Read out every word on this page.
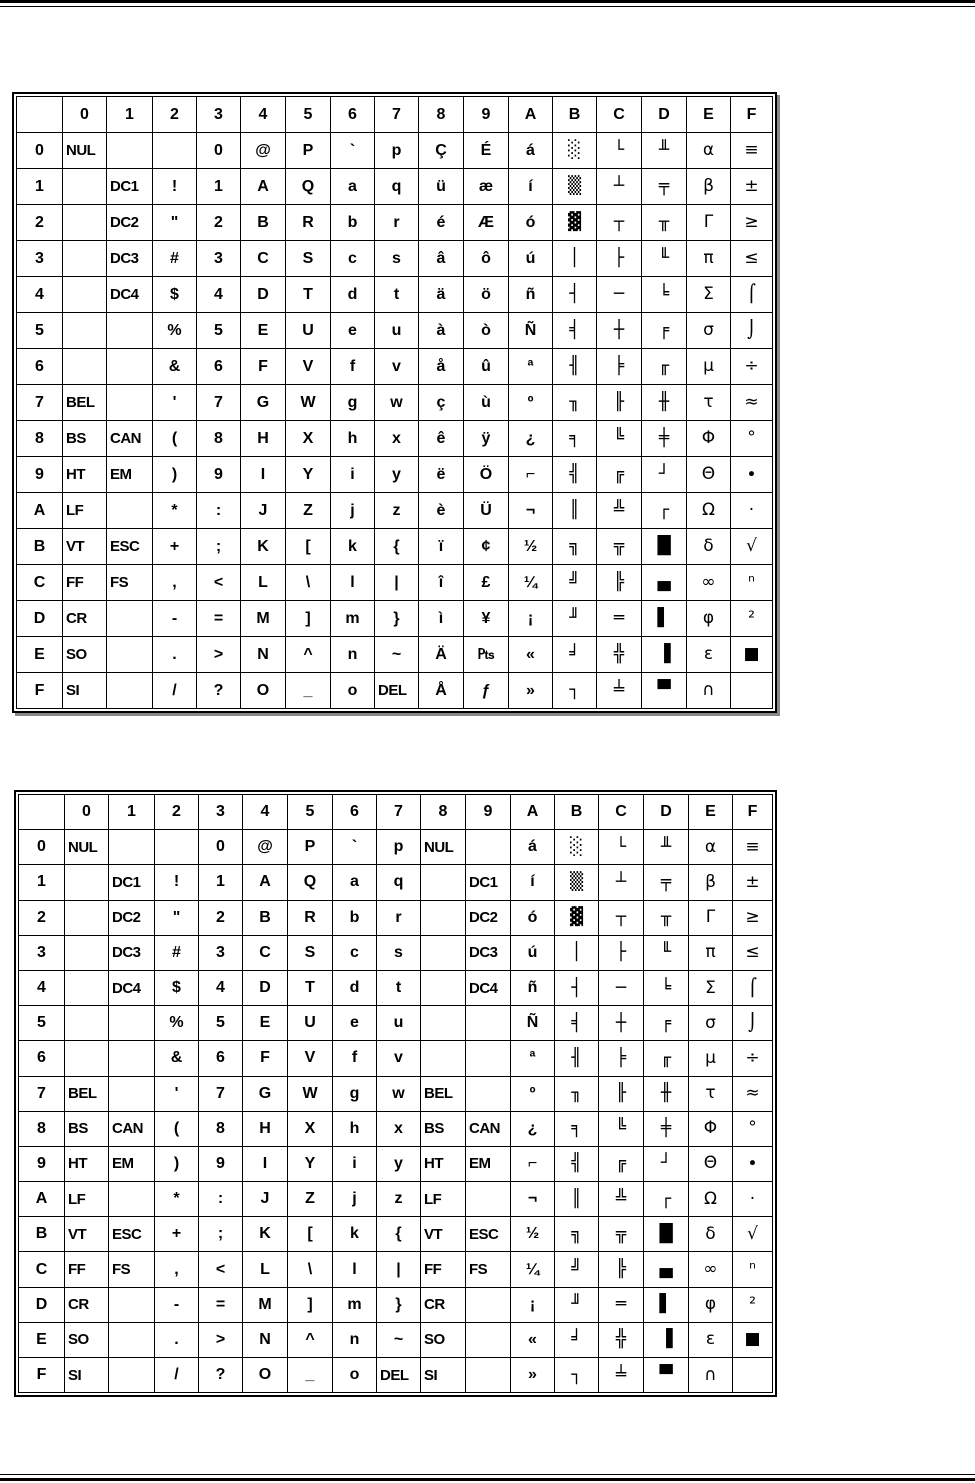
	0	1	2	3	4	5	6	7	8	9	A	B	C	D	E	F
0	NUL			0	@	P	`	p	Ç	É	á	░	└	╨	α	≡
1		DC1	!	1	A	Q	a	q	ü	æ	í	▒	┴	╤	β	±
2		DC2	"	2	B	R	b	r	é	Æ	ó	▓	┬	╥	Γ	≥
3		DC3	#	3	C	S	c	s	â	ô	ú	│	├	╙	π	≤
4		DC4	$	4	D	T	d	t	ä	ö	ñ	┤	─	╘	Σ	⌠
5			%	5	E	U	e	u	à	ò	Ñ	╡	┼	╒	σ	⌡
6			&	6	F	V	f	v	å	û	ª	╢	╞	╓	µ	÷
7	BEL		'	7	G	W	g	w	ç	ù	º	╖	╟	╫	τ	≈
8	BS	CAN	(	8	H	X	h	x	ê	ÿ	¿	╕	╚	╪	Φ	°
9	HT	EM	)	9	I	Y	i	y	ë	Ö	⌐	╣	╔	┘	Θ	∙
A	LF		*	:	J	Z	j	z	è	Ü	¬	║	╩	┌	Ω	·
B	VT	ESC	+	;	K	[	k	{	ï	¢	½	╗	╦	█	δ	√
C	FF	FS	,	<	L	\	l	|	î	£	¼	╝	╠	▄	∞	ⁿ
D	CR		-	=	M	]	m	}	ì	¥	¡	╜	═	▌	φ	²
E	SO		.	>	N	^	n	~	Ä	₧	«	╛	╬	▐	ε	■
F	SI		/	?	O	_	o	DEL	Å	ƒ	»	┐	╧	▀	∩	
	0	1	2	3	4	5	6	7	8	9	A	B	C	D	E	F
0	NUL			0	@	P	`	p	NUL		á	░	└	╨	α	≡
1		DC1	!	1	A	Q	a	q		DC1	í	▒	┴	╤	β	±
2		DC2	"	2	B	R	b	r		DC2	ó	▓	┬	╥	Γ	≥
3		DC3	#	3	C	S	c	s		DC3	ú	│	├	╙	π	≤
4		DC4	$	4	D	T	d	t		DC4	ñ	┤	─	╘	Σ	⌠
5			%	5	E	U	e	u			Ñ	╡	┼	╒	σ	⌡
6			&	6	F	V	f	v			ª	╢	╞	╓	µ	÷
7	BEL		'	7	G	W	g	w	BEL		º	╖	╟	╫	τ	≈
8	BS	CAN	(	8	H	X	h	x	BS	CAN	¿	╕	╚	╪	Φ	°
9	HT	EM	)	9	I	Y	i	y	HT	EM	⌐	╣	╔	┘	Θ	∙
A	LF		*	:	J	Z	j	z	LF		¬	║	╩	┌	Ω	·
B	VT	ESC	+	;	K	[	k	{	VT	ESC	½	╗	╦	█	δ	√
C	FF	FS	,	<	L	\	l	|	FF	FS	¼	╝	╠	▄	∞	ⁿ
D	CR		-	=	M	]	m	}	CR		¡	╜	═	▌	φ	²
E	SO		.	>	N	^	n	~	SO		«	╛	╬	▐	ε	■
F	SI		/	?	O	_	o	DEL	SI		»	┐	╧	▀	∩	
